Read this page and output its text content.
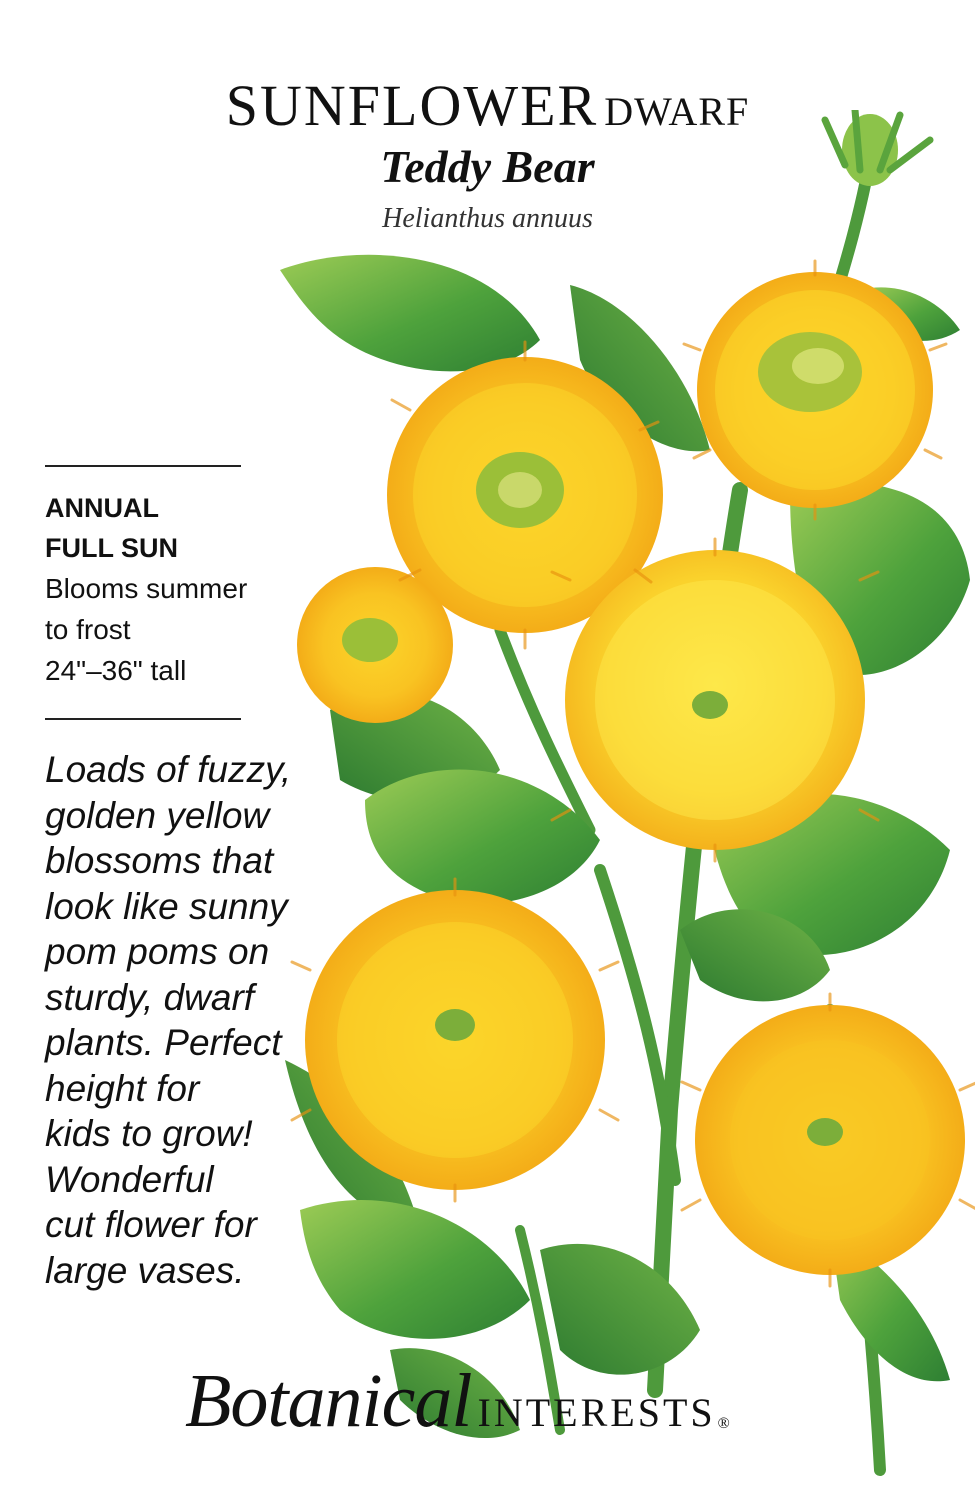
SUNFLOWER DWARF
Teddy Bear
Helianthus annuus
ANNUAL
FULL SUN
Blooms summer
to frost
24"–36" tall
Loads of fuzzy,
golden yellow
blossoms that
look like sunny
pom poms on
sturdy, dwarf
plants. Perfect
height for
kids to grow!
Wonderful
cut flower for
large vases.
Botanical INTERESTS ®
